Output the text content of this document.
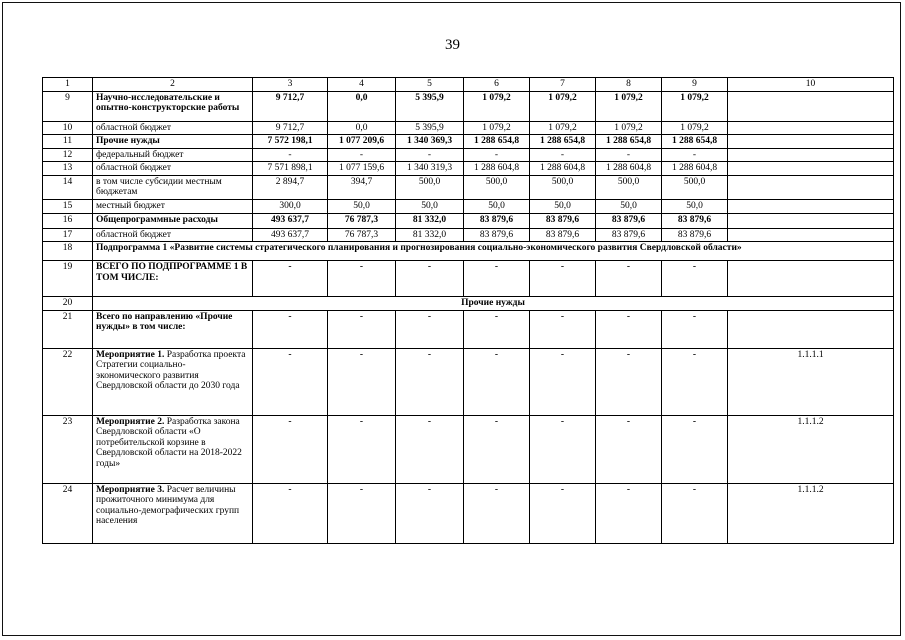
39
1	2	3	4	5	6	7	8	9	10
9	Научно-исследовательские и опытно-конструкторские работы	9 712,7	0,0	5 395,9	1 079,2	1 079,2	1 079,2	1 079,2	
10	областной бюджет	9 712,7	0,0	5 395,9	1 079,2	1 079,2	1 079,2	1 079,2	
11	Прочие нужды	7 572 198,1	1 077 209,6	1 340 369,3	1 288 654,8	1 288 654,8	1 288 654,8	1 288 654,8	
12	федеральный бюджет	-	-	-	-	-	-	-	
13	областной бюджет	7 571 898,1	1 077 159,6	1 340 319,3	1 288 604,8	1 288 604,8	1 288 604,8	1 288 604,8	
14	в том числе субсидии местным бюджетам	2 894,7	394,7	500,0	500,0	500,0	500,0	500,0	
15	местный бюджет	300,0	50,0	50,0	50,0	50,0	50,0	50,0	
16	Общепрограммные расходы	493 637,7	76 787,3	81 332,0	83 879,6	83 879,6	83 879,6	83 879,6	
17	областной бюджет	493 637,7	76 787,3	81 332,0	83 879,6	83 879,6	83 879,6	83 879,6	
18	Подпрограмма 1 «Развитие системы стратегического планирования и прогнозирования социально-экономического развития Свердловской области»								
19	ВСЕГО ПО ПОДПРОГРАММЕ 1 В ТОМ ЧИСЛЕ:	-	-	-	-	-	-	-	
20	Прочие нужды								
21	Всего по направлению «Прочие нужды» в том числе:	-	-	-	-	-	-	-	
22	Мероприятие 1. Разработка проекта Стратегии социально-экономического развития Свердловской области до 2030 года	-	-	-	-	-	-	-	1.1.1.1
23	Мероприятие 2. Разработка закона Свердловской области «О потребительской корзине в Свердловской области на 2018-2022 годы»	-	-	-	-	-	-	-	1.1.1.2
24	Мероприятие 3. Расчет величины прожиточного минимума для социально-демографических групп населения	-	-	-	-	-	-	-	1.1.1.2
